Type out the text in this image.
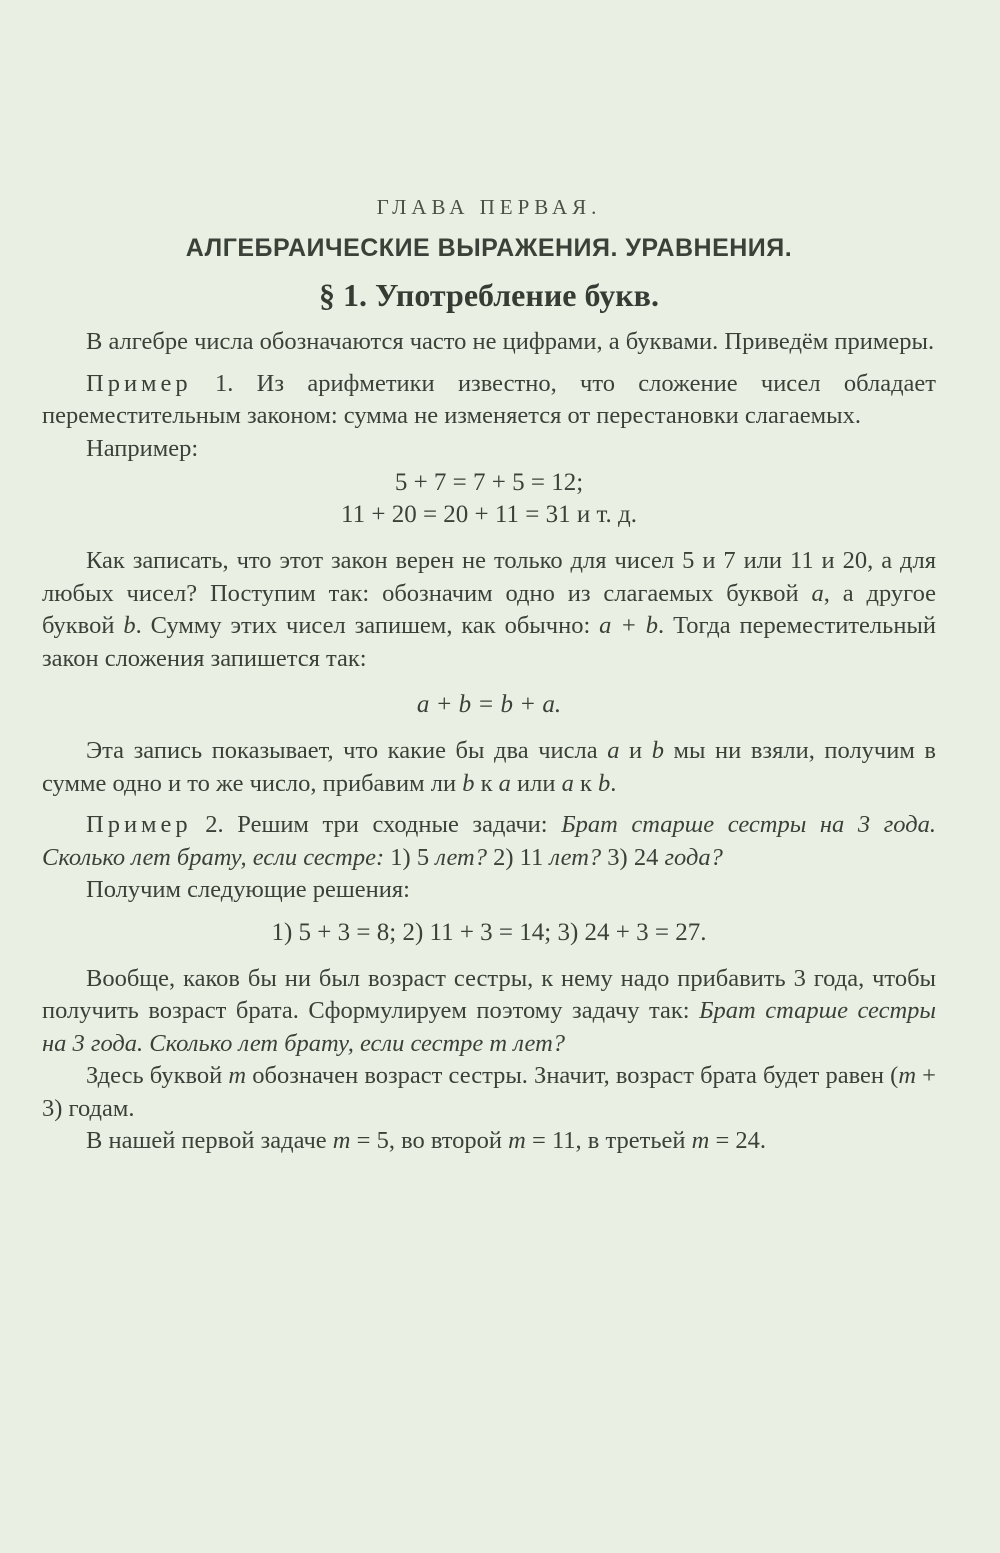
ГЛАВА ПЕРВАЯ.
АЛГЕБРАИЧЕСКИЕ ВЫРАЖЕНИЯ. УРАВНЕНИЯ.
§ 1. Употребление букв.

В алгебре числа обозначаются часто не цифрами, а буквами. Приведём примеры.

Пример 1. Из арифметики известно, что сложение чисел обладает переместительным законом: сумма не изменяется от перестановки слагаемых.

Например:

5 + 7 = 7 + 5 = 12;
11 + 20 = 20 + 11 = 31 и т. д.

Как записать, что этот закон верен не только для чисел 5 и 7 или 11 и 20, а для любых чисел? Поступим так: обозначим одно из слагаемых буквой a, а другое буквой b. Сумму этих чисел запишем, как обычно: a + b. Тогда переместительный закон сложения запишется так:

a + b = b + a.

Эта запись показывает, что какие бы два числа a и b мы ни взяли, получим в сумме одно и то же число, прибавим ли b к a или a к b.

Пример 2. Решим три сходные задачи: Брат старше сестры на 3 года. Сколько лет брату, если сестре: 1) 5 лет? 2) 11 лет? 3) 24 года?

Получим следующие решения:

1) 5 + 3 = 8; 2) 11 + 3 = 14; 3) 24 + 3 = 27.

Вообще, каков бы ни был возраст сестры, к нему надо прибавить 3 года, чтобы получить возраст брата. Сформулируем поэтому задачу так: Брат старше сестры на 3 года. Сколько лет брату, если сестре m лет?

Здесь буквой m обозначен возраст сестры. Значит, возраст брата будет равен (m + 3) годам.

В нашей первой задаче m = 5, во второй m = 11, в третьей m = 24.
